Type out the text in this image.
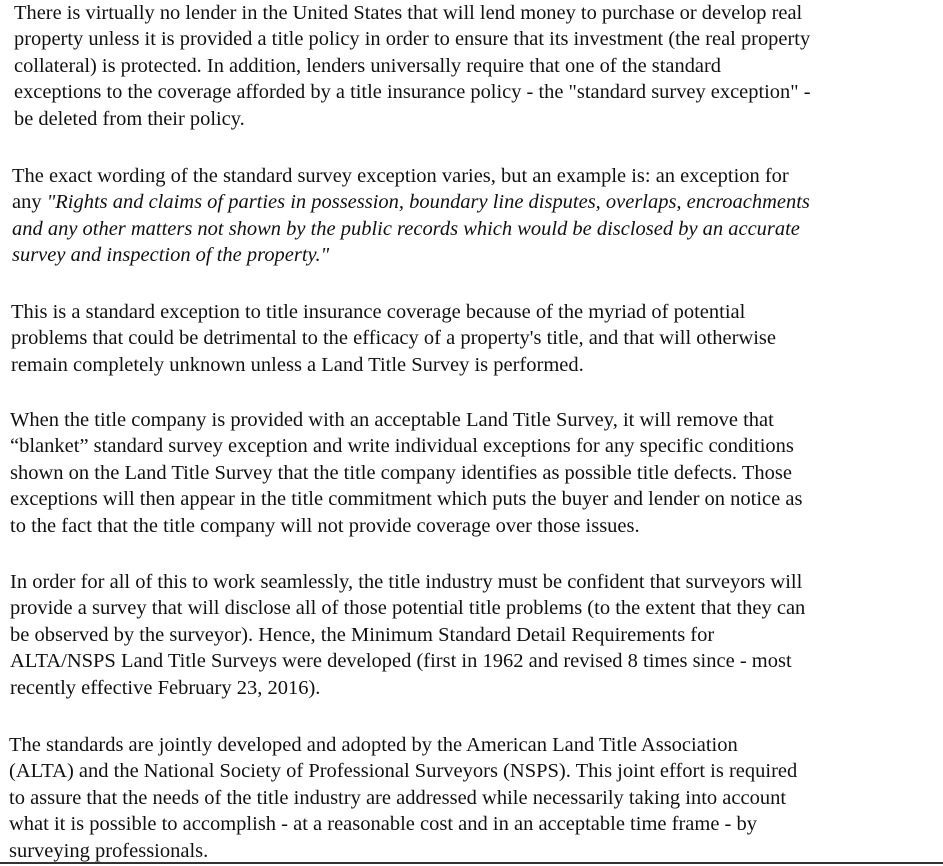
There is virtually no lender in the United States that will lend money to purchase or develop real
property unless it is provided a title policy in order to ensure that its investment (the real property
collateral) is protected. In addition, lenders universally require that one of the standard
exceptions to the coverage afforded by a title insurance policy - the "standard survey exception" -
be deleted from their policy.

The exact wording of the standard survey exception varies, but an example is: an exception for
any "Rights and claims of parties in possession, boundary line disputes, overlaps, encroachments
and any other matters not shown by the public records which would be disclosed by an accurate
survey and inspection of the property."

This is a standard exception to title insurance coverage because of the myriad of potential
problems that could be detrimental to the efficacy of a property's title, and that will otherwise
remain completely unknown unless a Land Title Survey is performed.

When the title company is provided with an acceptable Land Title Survey, it will remove that
“blanket” standard survey exception and write individual exceptions for any specific conditions
shown on the Land Title Survey that the title company identifies as possible title defects. Those
exceptions will then appear in the title commitment which puts the buyer and lender on notice as
to the fact that the title company will not provide coverage over those issues.

In order for all of this to work seamlessly, the title industry must be confident that surveyors will
provide a survey that will disclose all of those potential title problems (to the extent that they can
be observed by the surveyor). Hence, the Minimum Standard Detail Requirements for
ALTA/NSPS Land Title Surveys were developed (first in 1962 and revised 8 times since - most
recently effective February 23, 2016).

The standards are jointly developed and adopted by the American Land Title Association
(ALTA) and the National Society of Professional Surveyors (NSPS). This joint effort is required
to assure that the needs of the title industry are addressed while necessarily taking into account
what it is possible to accomplish - at a reasonable cost and in an acceptable time frame - by
surveying professionals.
